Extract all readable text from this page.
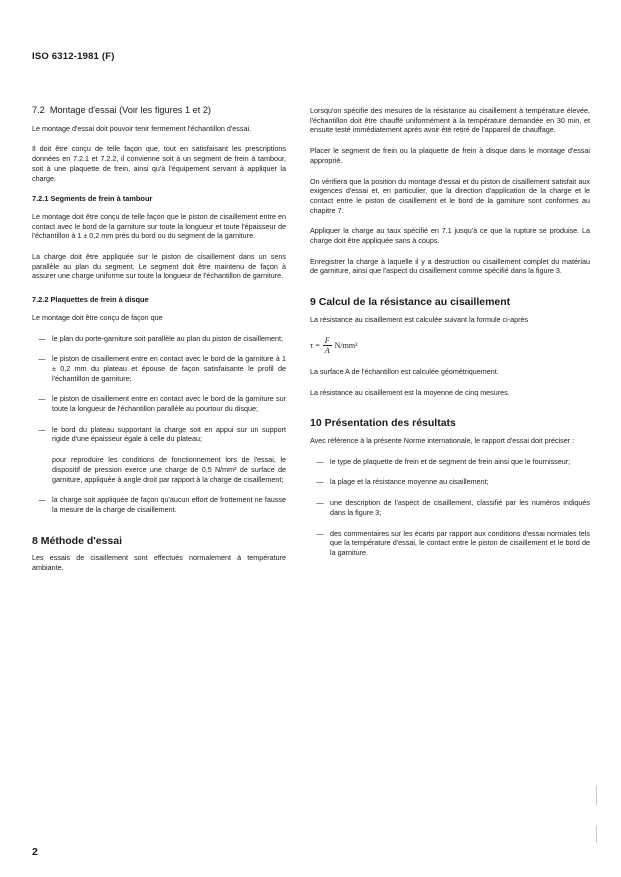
ISO 6312-1981 (F)
7.2 Montage d'essai (Voir les figures 1 et 2)

Le montage d'essai doit pouvoir tenir fermement l'échantillon d'essai.

Il doit être conçu de telle façon que, tout en satisfaisant les prescriptions données en 7.2.1 et 7.2.2, il convienne soit à un segment de frein à tambour, soit à une plaquette de frein, ainsi qu'à l'équipement servant à appliquer la charge.

7.2.1 Segments de frein à tambour

Le montage doit être conçu de telle façon que le piston de cisaillement entre en contact avec le bord de la garniture sur toute la longueur et toute l'épaisseur de l'échantillon à 1 ± 0,2 mm près du bord ou du segment de la garniture.

La charge doit être appliquée sur le piston de cisaillement dans un sens parallèle au plan du segment. Le segment doit être maintenu de façon à assurer une charge uniforme sur toute la longueur de l'échantillon de garniture.

7.2.2 Plaquettes de frein à disque

Le montage doit être conçu de façon que

— le plan du porte-garniture soit parallèle au plan du piston de cisaillement;
— le piston de cisaillement entre en contact avec le bord de la garniture à 1 ± 0,2 mm du plateau et épouse de façon satisfaisante le profil de l'échantillon de garniture;
— le piston de cisaillement entre en contact avec le bord de la garniture sur toute la longueur de l'échantillon parallèle au pourtour du disque;
— le bord du plateau supportant la charge soit en appui sur un support rigide d'une épaisseur égale à celle du plateau;

pour reproduire les conditions de fonctionnement lors de l'essai, le dispositif de pression exerce une charge de 0,5 N/mm² de surface de garniture, appliquée à angle droit par rapport à la charge de cisaillement;

— la charge soit appliquée de façon qu'aucun effort de frottement ne fausse la mesure de la charge de cisaillement.
8 Méthode d'essai

Les essais de cisaillement sont effectués normalement à température ambiante.

Lorsqu'on spécifie des mesures de la résistance au cisaillement à température élevée, l'échantillon doit être chauffé uniformément à la température demandée en 30 min, et ensuite testé immédiatement après avoir été retiré de l'appareil de chauffage.

Placer le segment de frein ou la plaquette de frein à disque dans le montage d'essai approprié.

On vérifiera que la position du montage d'essai et du piston de cisaillement satisfait aux exigences d'essai et, en particulier, que la direction d'application de la charge et le contact entre le piston de cisaillement et le bord de la garniture sont conformes au chapitre 7.

Appliquer la charge au taux spécifié en 7.1 jusqu'à ce que la rupture se produise. La charge doit être appliquée sans à coups.

Enregistrer la charge à laquelle il y a destruction ou cisaillement complet du matériau de garniture, ainsi que l'aspect du cisaillement comme spécifié dans la figure 3.

9 Calcul de la résistance au cisaillement

La résistance au cisaillement est calculée suivant la formule ci-après

$\tau = \frac{F}{A} N/mm^2$

La surface A de l'échantillon est calculée géométriquement.

La résistance au cisaillement est la moyenne de cinq mesures.

10 Présentation des résultats

Avec référence à la présente Norme internationale, le rapport d'essai doit préciser :

— le type de plaquette de frein et de segment de frein ainsi que le fournisseur;
— la plage et la résistance moyenne au cisaillement;
— une description de l'aspect de cisaillement, classifié par les numéros indiqués dans la figure 3;
— des commentaires sur les écarts par rapport aux conditions d'essai normales tels que la température d'essai, le contact entre le piston de cisaillement et le bord de la garniture.
2
